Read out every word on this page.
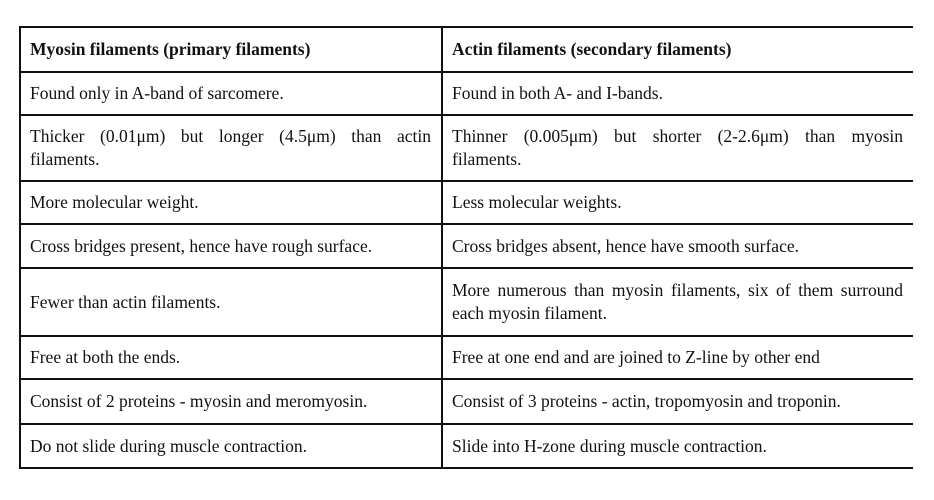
Myosin filaments (primary filaments)	Actin filaments (secondary filaments)
Found only in A-band of sarcomere.	Found in both A- and I-bands.
Thicker (0.01μm) but longer (4.5μm) than actin filaments.	Thinner (0.005μm) but shorter (2-2.6μm) than myosin filaments.
More molecular weight.	Less molecular weights.
Cross bridges present, hence have rough surface.	Cross bridges absent, hence have smooth surface.
Fewer than actin filaments.	More numerous than myosin filaments, six of them surround each myosin filament.
Free at both the ends.	Free at one end and are joined to Z-line by other end
Consist of 2 proteins - myosin and meromyosin.	Consist of 3 proteins - actin, tropomyosin and troponin.
Do not slide during muscle contraction.	Slide into H-zone during muscle contraction.
